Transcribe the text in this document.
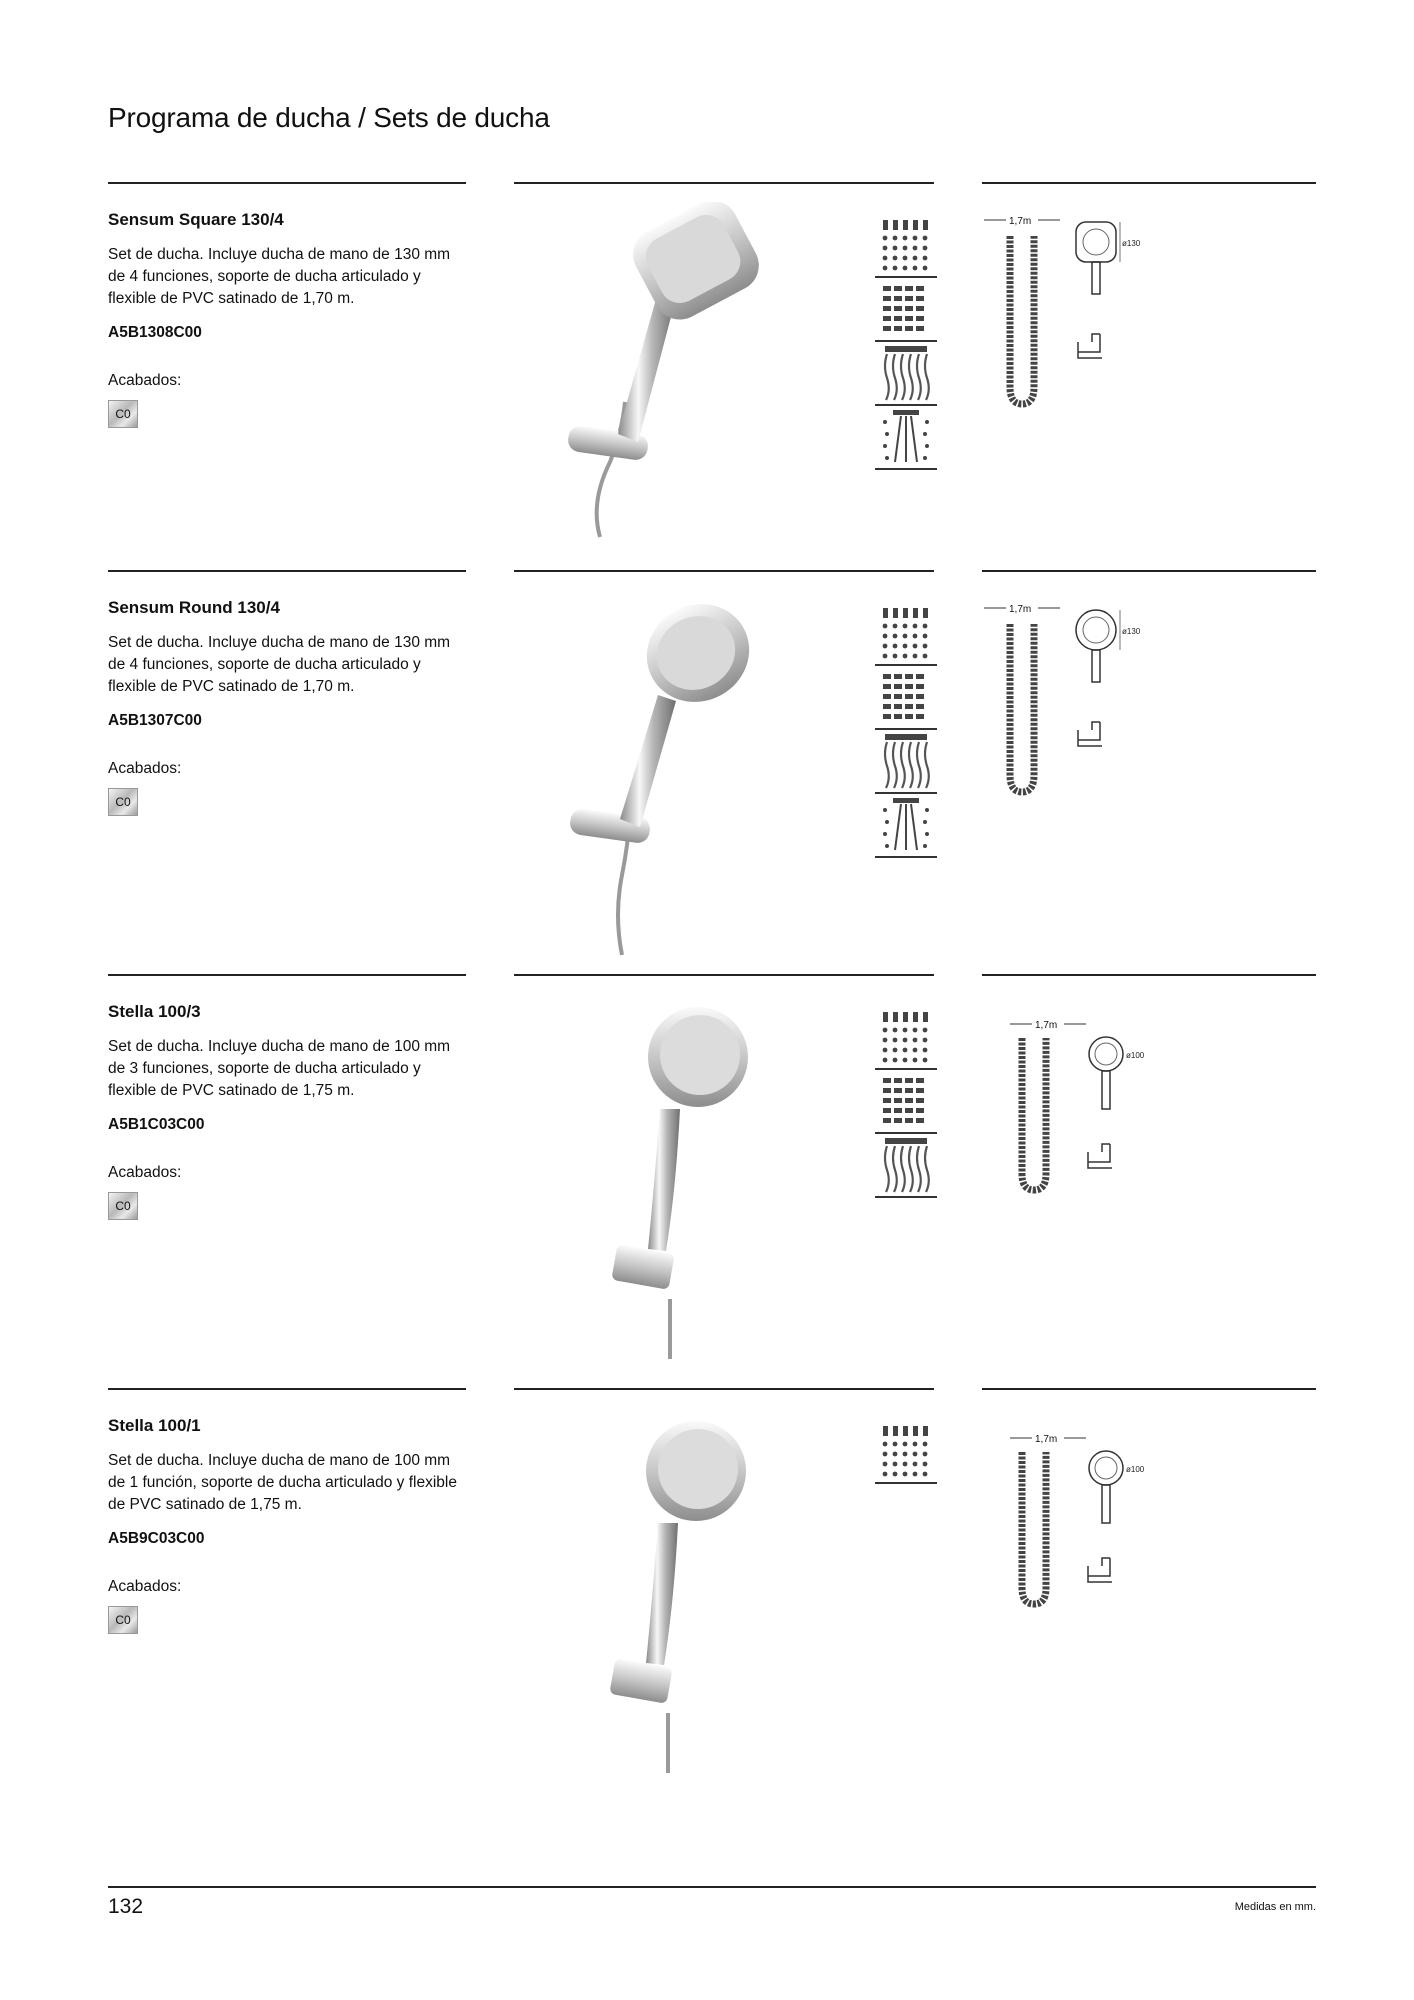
Programa de ducha / Sets de ducha

Sensum Square 130/4

Set de ducha. Incluye ducha de mano de 130 mm de 4 funciones, soporte de ducha articulado y flexible de PVC satinado de 1,70 m.

A5B1308C00

Acabados:

C0
1,7m
ø130

Sensum Round 130/4

Set de ducha. Incluye ducha de mano de 130 mm de 4 funciones, soporte de ducha articulado y flexible de PVC satinado de 1,70 m.

A5B1307C00

Acabados:

C0
1,7m
ø130

Stella 100/3

Set de ducha. Incluye ducha de mano de 100 mm de 3 funciones, soporte de ducha articulado y flexible de PVC satinado de 1,75 m.

A5B1C03C00

Acabados:

C0
1,7m
ø100

Stella 100/1

Set de ducha. Incluye ducha de mano de 100 mm de 1 función, soporte de ducha articulado y flexible de PVC satinado de 1,75 m.

A5B9C03C00

Acabados:

C0
1,7m
ø100
132	Medidas en mm.
